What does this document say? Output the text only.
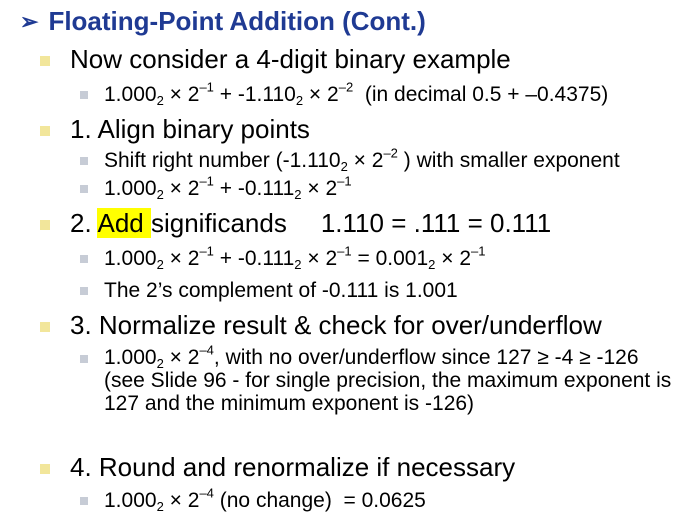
➢ Floating-Point Addition (Cont.)
Now consider a 4-digit binary example
$1.000_2 \times 2^{-1} + -1.110_2 \times 2^{-2}$  (in decimal 0.5 + –0.4375)
1. Align binary points
Shift right number ($-1.110_2 \times 2^{-2}$ ) with smaller exponent
$1.000_2 \times 2^{-1} + -0.111_2 \times 2^{-1}$
2. Add significands 1.110 = .111 = 0.111
$1.000_2 \times 2^{-1} + -0.111_2 \times 2^{-1} = 0.001_2 \times 2^{-1}$
The 2’s complement of -0.111 is 1.001
3. Normalize result & check for over/underflow
$1.000_2 \times 2^{-4}$, with no over/underflow since 127 ≥ -4 ≥ -126 (see Slide 96 - for single precision, the maximum exponent is 127 and the minimum exponent is -126)
4. Round and renormalize if necessary
$1.000_2 \times 2^{-4}$ (no change)  = 0.0625
